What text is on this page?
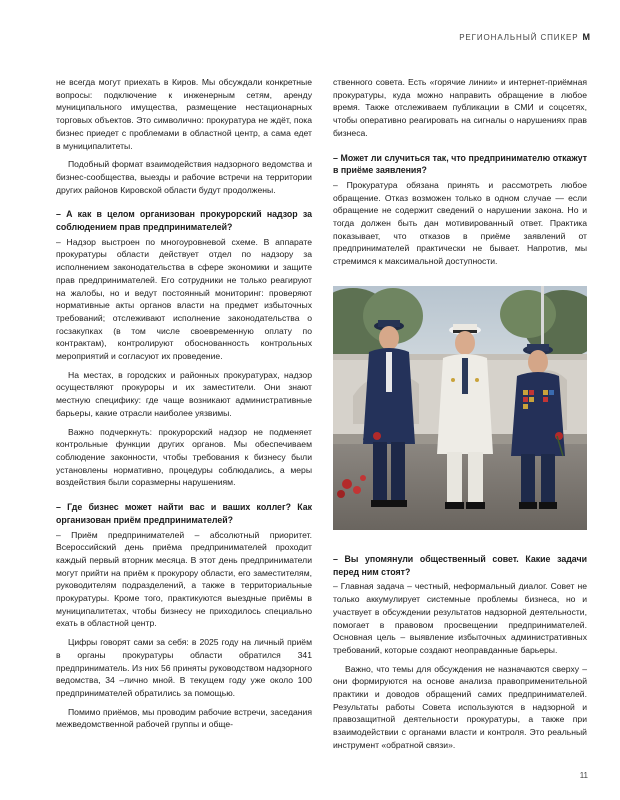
РЕГИОНАЛЬНЫЙ СПИКЕР M

не всегда могут приехать в Киров. Мы обсуждали конкретные вопросы: подключение к инженерным сетям, аренду муниципального имущества, размещение нестационарных торговых объектов. Это символично: прокуратура не ждёт, пока бизнес приедет с проблемами в областной центр, а сама едет в муниципалитеты.

Подобный формат взаимодействия надзорного ведомства и бизнес-сообщества, выезды и рабочие встречи на территории других районов Кировской области будут продолжены.

– А как в целом организован прокурорский надзор за соблюдением прав предпринимателей?

– Надзор выстроен по многоуровневой схеме. В аппарате прокуратуры области действует отдел по надзору за исполнением законодательства в сфере экономики и защите прав предпринимателей. Его сотрудники не только реагируют на жалобы, но и ведут постоянный мониторинг: проверяют нормативные акты органов власти на предмет избыточных требований; отслеживают исполнение законодательства о госзакупках (в том числе своевременную оплату по контрактам), контролируют обоснованность контрольных мероприятий и согласуют их проведение.

На местах, в городских и районных прокуратурах, надзор осуществляют прокуроры и их заместители. Они знают местную специфику: где чаще возникают административные барьеры, какие отрасли наиболее уязвимы.

Важно подчеркнуть: прокурорский надзор не подменяет контрольные функции других органов. Мы обеспечиваем соблюдение законности, чтобы требования к бизнесу были установлены нормативно, процедуры соблюдались, а меры воздействия были соразмерны нарушениям.

– Где бизнес может найти вас и ваших коллег? Как организован приём предпринимателей?

– Приём предпринимателей – абсолютный приоритет. Всероссийский день приёма предпринимателей проходит каждый первый вторник месяца. В этот день предприниматели могут прийти на приём к прокурору области, его заместителям, руководителям подразделений, а также в территориальные прокуратуры. Кроме того, практикуются выездные приёмы в муниципалитетах, чтобы бизнесу не приходилось специально ехать в областной центр.

Цифры говорят сами за себя: в 2025 году на личный приём в органы прокуратуры области обратился 341 предприниматель. Из них 56 приняты руководством надзорного ведомства, 34 –лично мной. В текущем году уже около 100 предпринимателей обратились за помощью.

Помимо приёмов, мы проводим рабочие встречи, заседания межведомственной рабочей группы и обще-

ственного совета. Есть «горячие линии» и интернет-приёмная прокуратуры, куда можно направить обращение в любое время. Также отслеживаем публикации в СМИ и соцсетях, чтобы оперативно реагировать на сигналы о нарушениях прав бизнеса.

– Может ли случиться так, что предпринимателю откажут в приёме заявления?

– Прокуратура обязана принять и рассмотреть любое обращение. Отказ возможен только в одном случае — если обращение не содержит сведений о нарушении закона. Но и тогда должен быть дан мотивированный ответ. Практика показывает, что отказов в приёме заявлений от предпринимателей практически не бывает. Напротив, мы стремимся к максимальной доступности.

– Вы упомянули общественный совет. Какие задачи перед ним стоят?

– Главная задача – честный, неформальный диалог. Совет не только аккумулирует системные проблемы бизнеса, но и участвует в обсуждении результатов надзорной деятельности, помогает в правовом просвещении предпринимателей. Основная цель – выявление избыточных административных требований, которые создают неоправданные барьеры.

Важно, что темы для обсуждения не назначаются сверху – они формируются на основе анализа правоприменительной практики и доводов обращений самих предпринимателей. Результаты работы Совета используются в надзорной и правозащитной деятельности прокуратуры, а также при взаимодействии с органами власти и контроля. Это реальный инструмент «обратной связи».

11
